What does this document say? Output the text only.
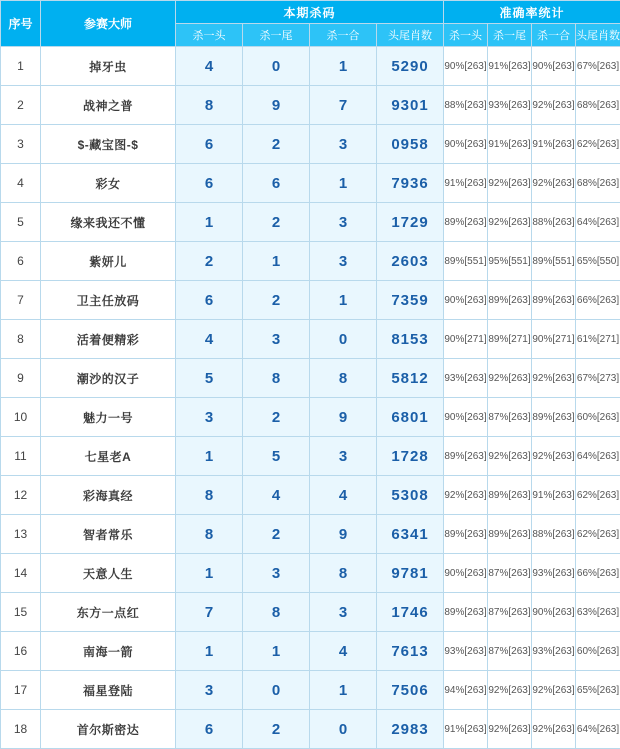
序号	参赛大师	本期杀码				准确率统计			
		杀一头	杀一尾	杀一合	头尾肖数	杀一头	杀一尾	杀一合	头尾肖数
1	掉牙虫	4	0	1	5290	90%[263]	91%[263]	90%[263]	67%[263]
2	战神之普	8	9	7	9301	88%[263]	93%[263]	92%[263]	68%[263]
3	$-藏宝图-$	6	2	3	0958	90%[263]	91%[263]	91%[263]	62%[263]
4	彩女	6	6	1	7936	91%[263]	92%[263]	92%[263]	68%[263]
5	缘来我还不懂	1	2	3	1729	89%[263]	92%[263]	88%[263]	64%[263]
6	紫妍儿	2	1	3	2603	89%[551]	95%[551]	89%[551]	65%[550]
7	卫主任放码	6	2	1	7359	90%[263]	89%[263]	89%[263]	66%[263]
8	活着便精彩	4	3	0	8153	90%[271]	89%[271]	90%[271]	61%[271]
9	潮沙的汉子	5	8	8	5812	93%[263]	92%[263]	92%[263]	67%[273]
10	魅力一号	3	2	9	6801	90%[263]	87%[263]	89%[263]	60%[263]
11	七星老A	1	5	3	1728	89%[263]	92%[263]	92%[263]	64%[263]
12	彩海真经	8	4	4	5308	92%[263]	89%[263]	91%[263]	62%[263]
13	智者常乐	8	2	9	6341	89%[263]	89%[263]	88%[263]	62%[263]
14	天意人生	1	3	8	9781	90%[263]	87%[263]	93%[263]	66%[263]
15	东方一点红	7	8	3	1746	89%[263]	87%[263]	90%[263]	63%[263]
16	南海一箭	1	1	4	7613	93%[263]	87%[263]	93%[263]	60%[263]
17	福星登陆	3	0	1	7506	94%[263]	92%[263]	92%[263]	65%[263]
18	首尔斯密达	6	2	0	2983	91%[263]	92%[263]	92%[263]	64%[263]
